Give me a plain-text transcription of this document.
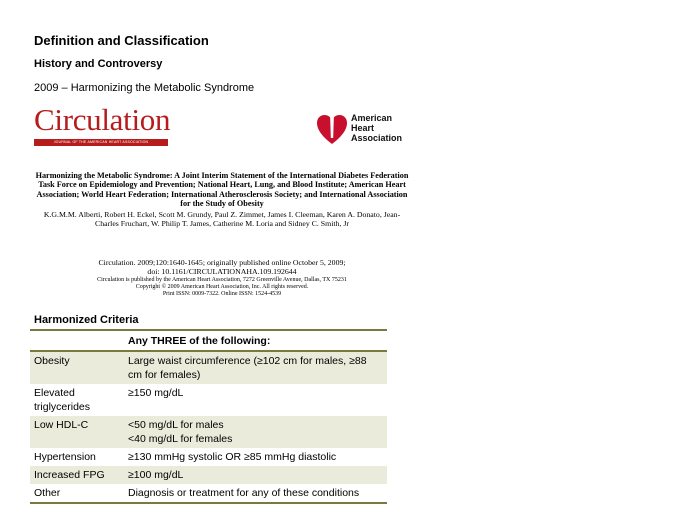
Definition and Classification
History and Controversy
2009 – Harmonizing the Metabolic Syndrome
Circulation
JOURNAL OF THE AMERICAN HEART ASSOCIATION
American
Heart
Association
Harmonizing the Metabolic Syndrome: A Joint Interim Statement of the International Diabetes Federation Task Force on Epidemiology and Prevention; National Heart, Lung, and Blood Institute; American Heart Association; World Heart Federation; International Atherosclerosis Society; and International Association for the Study of Obesity
K.G.M.M. Alberti, Robert H. Eckel, Scott M. Grundy, Paul Z. Zimmet, James I. Cleeman, Karen A. Donato, Jean-Charles Fruchart, W. Philip T. James, Catherine M. Loria and Sidney C. Smith, Jr
Circulation. 2009;120:1640-1645; originally published online October 5, 2009;
doi: 10.1161/CIRCULATIONAHA.109.192644
Circulation is published by the American Heart Association, 7272 Greenville Avenue, Dallas, TX 75231
Copyright © 2009 American Heart Association, Inc. All rights reserved.
Print ISSN: 0009-7322. Online ISSN: 1524-4539
Harmonized Criteria
	Any THREE of the following:
Obesity	Large waist circumference (≥102 cm for males, ≥88 cm for females)
Elevated triglycerides	≥150 mg/dL
Low HDL-C	<50 mg/dL for males
<40 mg/dL for females
Hypertension	≥130 mmHg systolic OR ≥85 mmHg diastolic
Increased FPG	≥100 mg/dL
Other	Diagnosis or treatment for any of these conditions
